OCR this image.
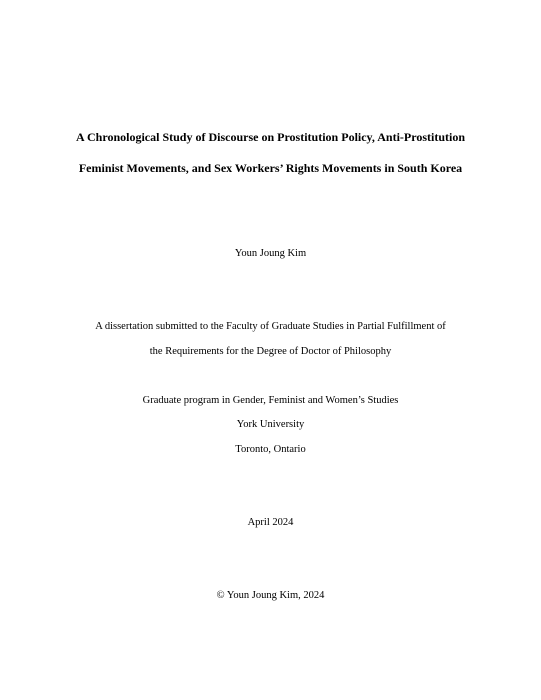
A Chronological Study of Discourse on Prostitution Policy, Anti-Prostitution
Feminist Movements, and Sex Workers’ Rights Movements in South Korea
Youn Joung Kim
A dissertation submitted to the Faculty of Graduate Studies in Partial Fulfillment of
the Requirements for the Degree of Doctor of Philosophy
Graduate program in Gender, Feminist and Women’s Studies
York University
Toronto, Ontario
April 2024
© Youn Joung Kim, 2024
